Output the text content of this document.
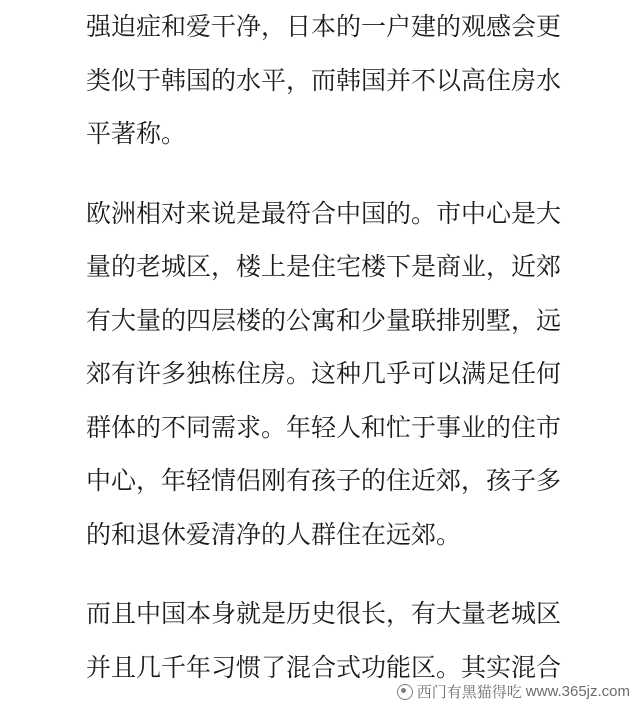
强迫症和爱干净，日本的一户建的观感会更
类似于韩国的水平，而韩国并不以高住房水
平著称。

欧洲相对来说是最符合中国的。市中心是大
量的老城区，楼上是住宅楼下是商业，近郊
有大量的四层楼的公寓和少量联排别墅，远
郊有许多独栋住房。这种几乎可以满足任何
群体的不同需求。年轻人和忙于事业的住市
中心，年轻情侣刚有孩子的住近郊，孩子多
的和退休爱清净的人群住在远郊。

而且中国本身就是历史很长，有大量老城区
并且几千年习惯了混合式功能区。其实混合

西门有黑猫得吃 www.365jz.com
